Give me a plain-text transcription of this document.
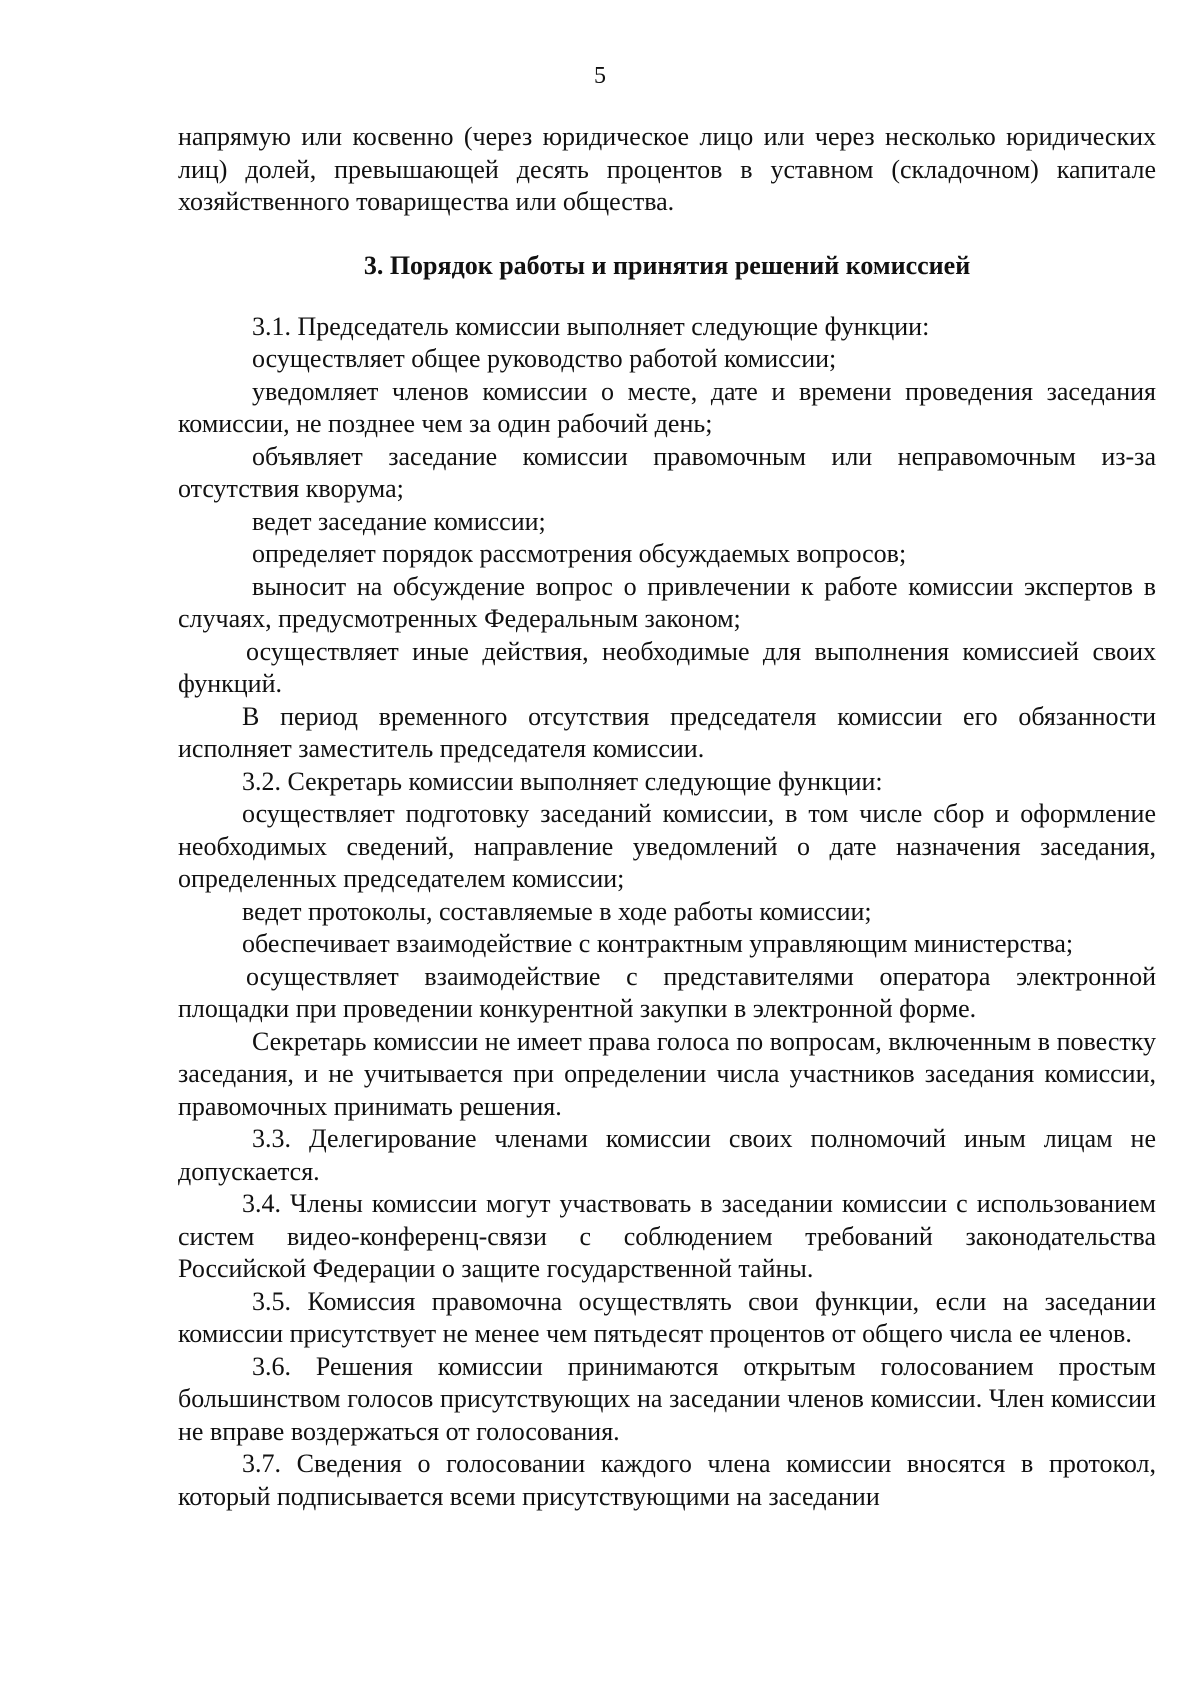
5

напрямую или косвенно (через юридическое лицо или через несколько юридических лиц) долей, превышающей десять процентов в уставном (складочном) капитале хозяйственного товарищества или общества.

3. Порядок работы и принятия решений комиссией

3.1. Председатель комиссии выполняет следующие функции:

осуществляет общее руководство работой комиссии;

уведомляет членов комиссии о месте, дате и времени проведения заседания комиссии, не позднее чем за один рабочий день;

объявляет заседание комиссии правомочным или неправомочным из-за отсутствия кворума;

ведет заседание комиссии;

определяет порядок рассмотрения обсуждаемых вопросов;

выносит на обсуждение вопрос о привлечении к работе комиссии экспертов в случаях, предусмотренных Федеральным законом;

осуществляет иные действия, необходимые для выполнения комиссией своих функций.

В период временного отсутствия председателя комиссии его обязанности исполняет заместитель председателя комиссии.

3.2. Секретарь комиссии выполняет следующие функции:

осуществляет подготовку заседаний комиссии, в том числе сбор и оформление необходимых сведений, направление уведомлений о дате назначения заседания, определенных председателем комиссии;

ведет протоколы, составляемые в ходе работы комиссии;

обеспечивает взаимодействие с контрактным управляющим министерства;

осуществляет взаимодействие с представителями оператора электронной площадки при проведении конкурентной закупки в электронной форме.

Секретарь комиссии не имеет права голоса по вопросам, включенным в повестку заседания, и не учитывается при определении числа участников заседания комиссии, правомочных принимать решения.

3.3. Делегирование членами комиссии своих полномочий иным лицам не допускается.

3.4. Члены комиссии могут участвовать в заседании комиссии с использованием систем видео-конференц-связи с соблюдением требований законодательства Российской Федерации о защите государственной тайны.

3.5. Комиссия правомочна осуществлять свои функции, если на заседании комиссии присутствует не менее чем пятьдесят процентов от общего числа ее членов.

3.6. Решения комиссии принимаются открытым голосованием простым большинством голосов присутствующих на заседании членов комиссии. Член комиссии не вправе воздержаться от голосования.

3.7. Сведения о голосовании каждого члена комиссии вносятся в протокол, который подписывается всеми присутствующими на заседании
